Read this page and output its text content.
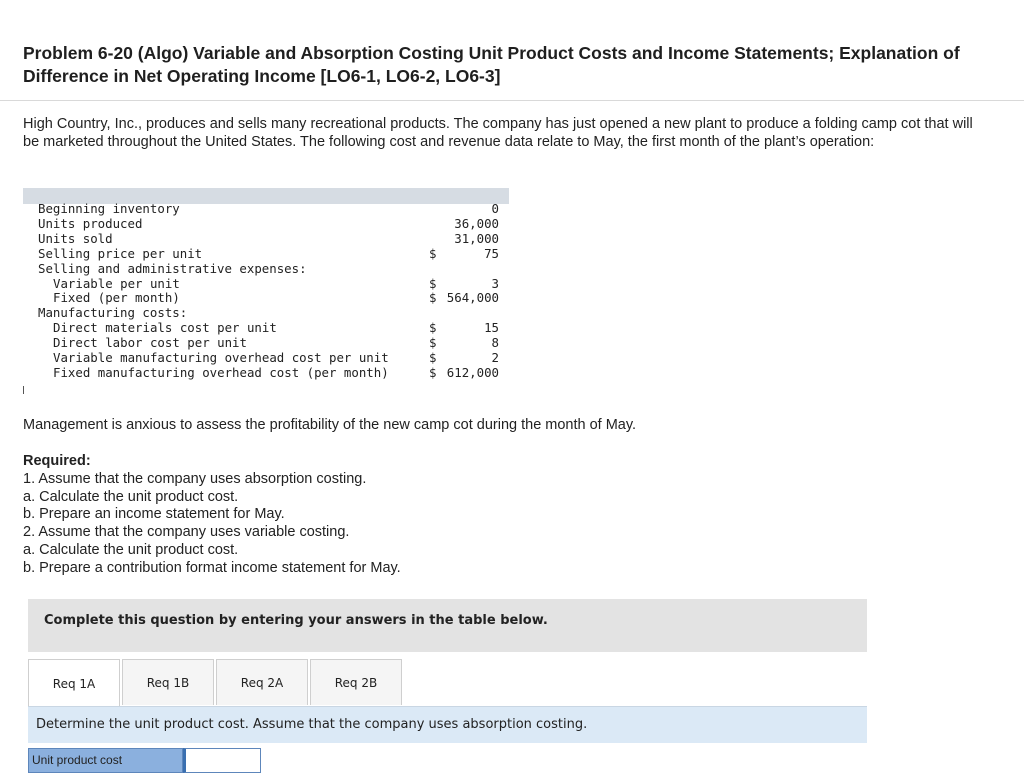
Problem 6-20 (Algo) Variable and Absorption Costing Unit Product Costs and Income Statements; Explanation of Difference in Net Operating Income [LO6-1, LO6-2, LO6-3]
High Country, Inc., produces and sells many recreational products. The company has just opened a new plant to produce a folding camp cot that will be marketed throughout the United States. The following cost and revenue data relate to May, the first month of the plant’s operation:
Beginning inventory		0
Units produced		36,000
Units sold		31,000
Selling price per unit	$	75
Selling and administrative expenses:		
Variable per unit	$	3
Fixed (per month)	$	564,000
Manufacturing costs:		
Direct materials cost per unit	$	15
Direct labor cost per unit	$	8
Variable manufacturing overhead cost per unit	$	2
Fixed manufacturing overhead cost (per month)	$	612,000
Management is anxious to assess the profitability of the new camp cot during the month of May.
Required:
1. Assume that the company uses absorption costing.
a. Calculate the unit product cost.
b. Prepare an income statement for May.
2. Assume that the company uses variable costing.
a. Calculate the unit product cost.
b. Prepare a contribution format income statement for May.
Complete this question by entering your answers in the table below.
Req 1A	Req 1B	Req 2A	Req 2B
Determine the unit product cost. Assume that the company uses absorption costing.
Unit product cost
